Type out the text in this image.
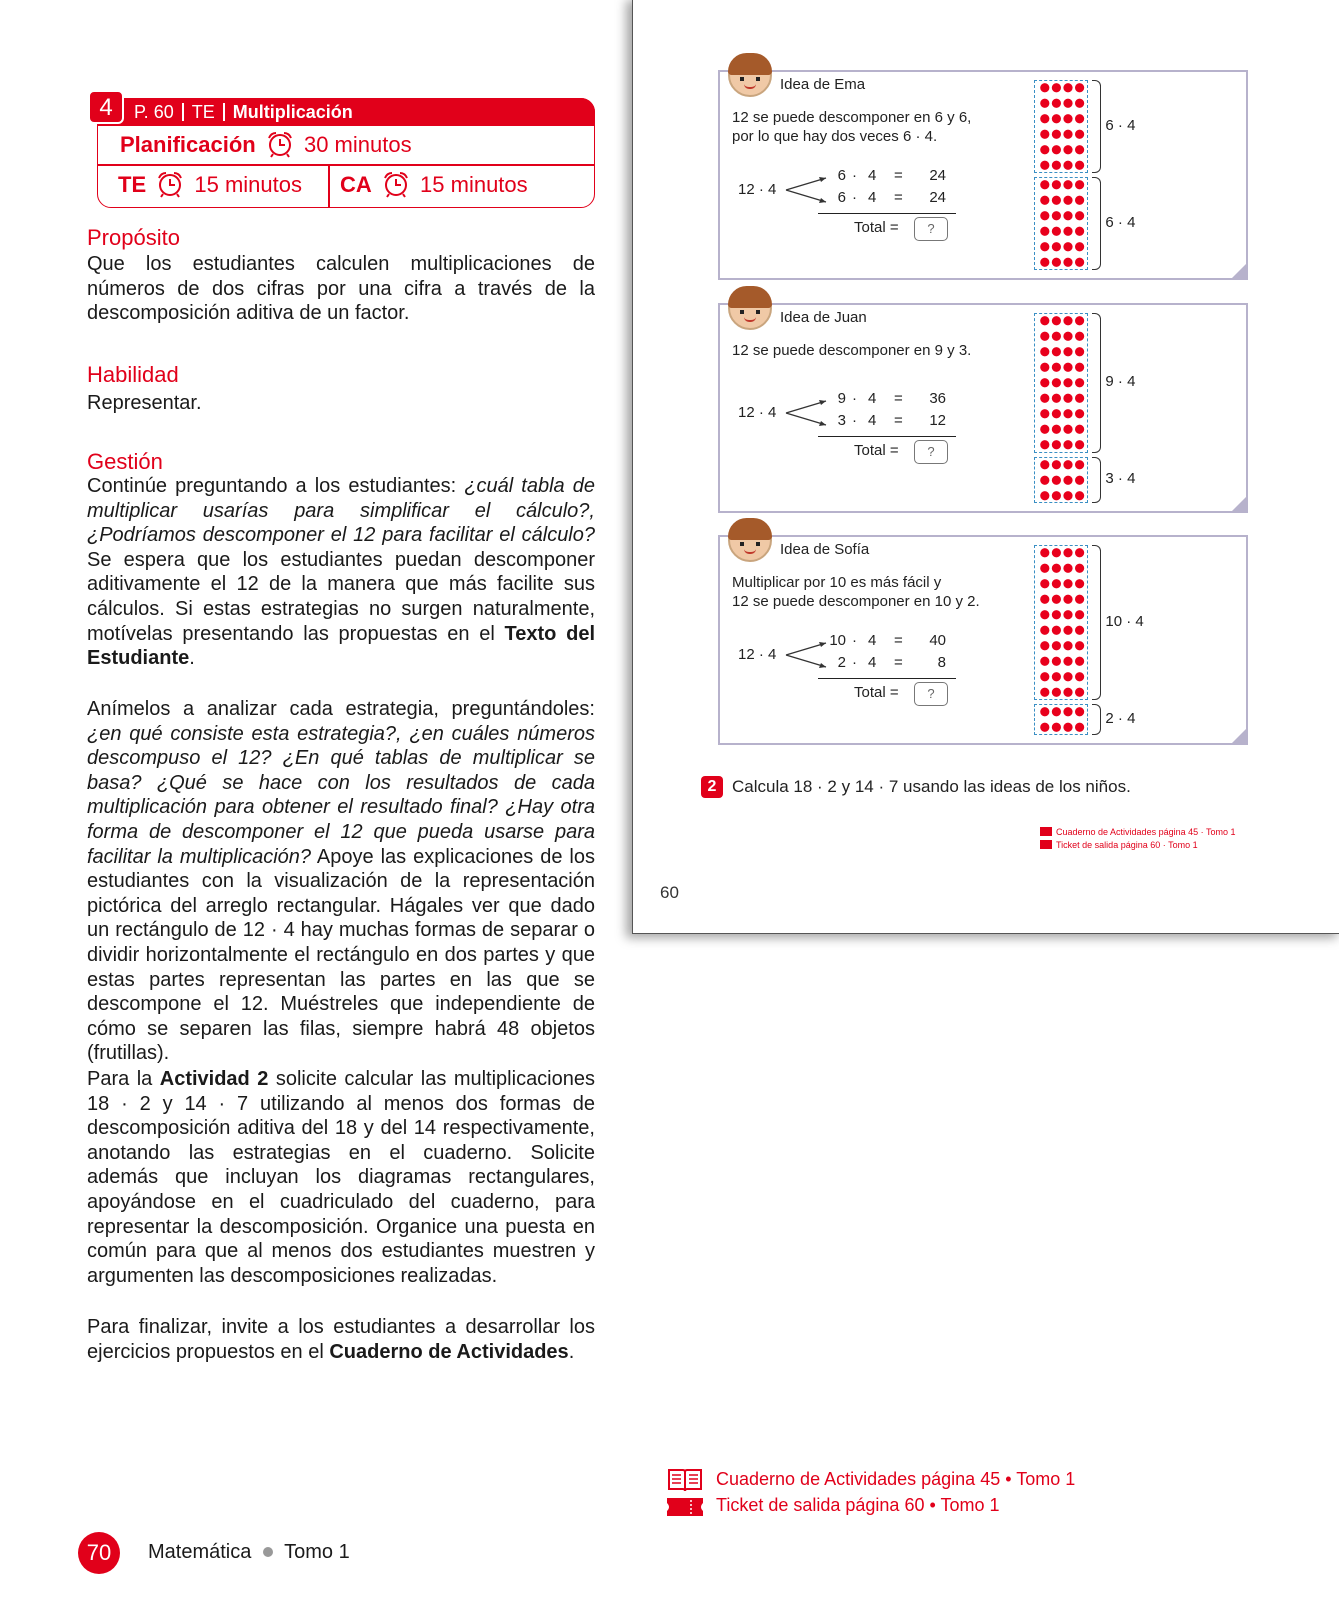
4	P. 60 TE Multiplicación
Planificación 30 minutos
TE 15 minutos CA 15 minutos
Propósito
Que los estudiantes calculen multiplicaciones de números de dos cifras por una cifra a través de la descomposición aditiva de un factor.
Habilidad
Representar.
Gestión
Continúe preguntando a los estudiantes: ¿cuál tabla de multiplicar usarías para simplificar el cálculo?, ¿Podríamos descomponer el 12 para facilitar el cálculo? Se espera que los estudiantes puedan descomponer aditivamente el 12 de la manera que más facilite sus cálculos. Si estas estrategias no surgen naturalmente, motívelas presentando las propuestas en el Texto del Estudiante.
Anímelos a analizar cada estrategia, preguntándoles: ¿en qué consiste esta estrategia?, ¿en cuáles números descompuso el 12? ¿En qué tablas de multiplicar se basa? ¿Qué se hace con los resultados de cada multiplicación para obtener el resultado final? ¿Hay otra forma de descomponer el 12 que pueda usarse para facilitar la multiplicación? Apoye las explicaciones de los estudiantes con la visualización de la representación pictórica del arreglo rectangular. Hágales ver que dado un rectángulo de 12 · 4 hay muchas formas de separar o dividir horizontalmente el rectángulo en dos partes y que estas partes representan las partes en las que se descompone el 12. Muéstreles que independiente de cómo se separen las filas, siempre habrá 48 objetos (frutillas).
Para la Actividad 2 solicite calcular las multiplicaciones 18 · 2 y 14 · 7 utilizando al menos dos formas de descomposición aditiva del 18 y del 14 respectivamente, anotando las estrategias en el cuaderno. Solicite además que incluyan los diagramas rectangulares, apoyándose en el cuadriculado del cuaderno, para representar la descomposición. Organice una puesta en común para que al menos dos estudiantes muestren y argumenten las descomposiciones realizadas.
Para finalizar, invite a los estudiantes a desarrollar los ejercicios propuestos en el Cuaderno de Actividades.
70	Matemática Tomo 1
Cuaderno de Actividades página 45 • Tomo 1
Ticket de salida página 60 • Tomo 1
Idea de Ema
12 se puede descomponer en 6 y 6,
por lo que hay dos veces 6 · 4.
12 · 4
6 · 4 =	24
6 · 4 =	24
Total =	?
6 · 4
6 · 4
Idea de Juan
12 se puede descomponer en 9 y 3.
12 · 4
9 · 4 =	36
3 · 4 =	12
Total =	?
9 · 4
3 · 4
Idea de Sofía
Multiplicar por 10 es más fácil y
12 se puede descomponer en 10 y 2.
12 · 4
10 · 4 =	40
2 · 4 =	8
Total =	?
10 · 4
2 · 4
2 Calcula 18 · 2 y 14 · 7 usando las ideas de los niños.
Cuaderno de Actividades página 45 · Tomo 1
Ticket de salida página 60 · Tomo 1
60
